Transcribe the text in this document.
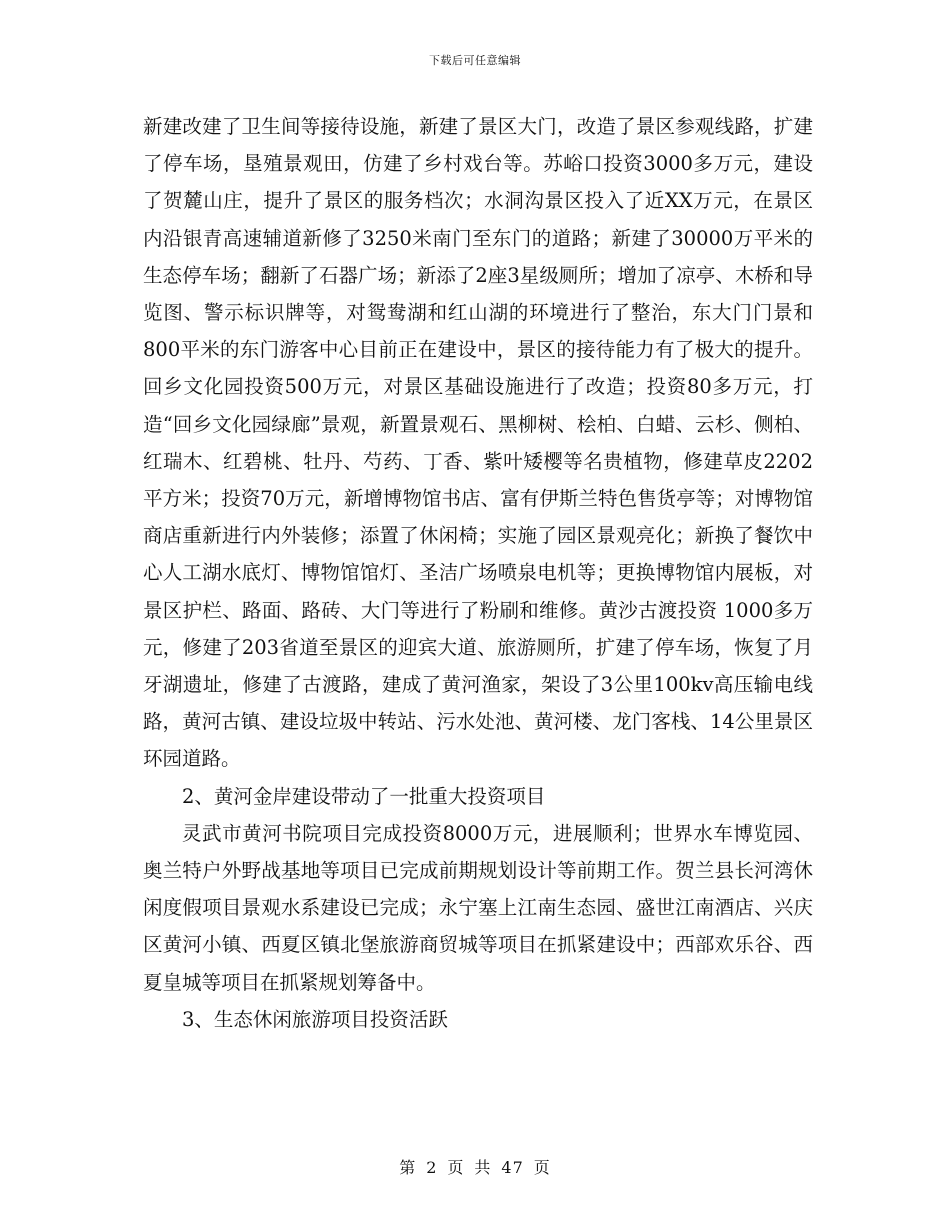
下载后可任意编辑

新建改建了卫生间等接待设施，新建了景区大门，改造了景区参观线路，扩建了停车场，垦殖景观田，仿建了乡村戏台等。苏峪口投资3000多万元，建设了贺麓山庄，提升了景区的服务档次；水洞沟景区投入了近XX万元，在景区内沿银青高速辅道新修了3250米南门至东门的道路；新建了30000万平米的生态停车场；翻新了石器广场；新添了2座3星级厕所；增加了凉亭、木桥和导览图、警示标识牌等，对鸳鸯湖和红山湖的环境进行了整治，东大门门景和800平米的东门游客中心目前正在建设中，景区的接待能力有了极大的提升。回乡文化园投资500万元，对景区基础设施进行了改造；投资80多万元，打造“回乡文化园绿廊”景观，新置景观石、黑柳树、桧柏、白蜡、云杉、侧柏、红瑞木、红碧桃、牡丹、芍药、丁香、紫叶矮樱等名贵植物，修建草皮2202平方米；投资70万元，新增博物馆书店、富有伊斯兰特色售货亭等；对博物馆商店重新进行内外装修；添置了休闲椅；实施了园区景观亮化；新换了餐饮中心人工湖水底灯、博物馆馆灯、圣洁广场喷泉电机等；更换博物馆内展板，对景区护栏、路面、路砖、大门等进行了粉刷和维修。黄沙古渡投资 1000多万元，修建了203省道至景区的迎宾大道、旅游厕所，扩建了停车场，恢复了月牙湖遗址，修建了古渡路，建成了黄河渔家，架设了3公里100kv高压输电线路，黄河古镇、建设垃圾中转站、污水处池、黄河楼、龙门客栈、14公里景区环园道路。

2、黄河金岸建设带动了一批重大投资项目

灵武市黄河书院项目完成投资8000万元，进展顺利；世界水车博览园、奥兰特户外野战基地等项目已完成前期规划设计等前期工作。贺兰县长河湾休闲度假项目景观水系建设已完成；永宁塞上江南生态园、盛世江南酒店、兴庆区黄河小镇、西夏区镇北堡旅游商贸城等项目在抓紧建设中；西部欢乐谷、西夏皇城等项目在抓紧规划筹备中。

3、生态休闲旅游项目投资活跃

第 2 页 共 47 页
